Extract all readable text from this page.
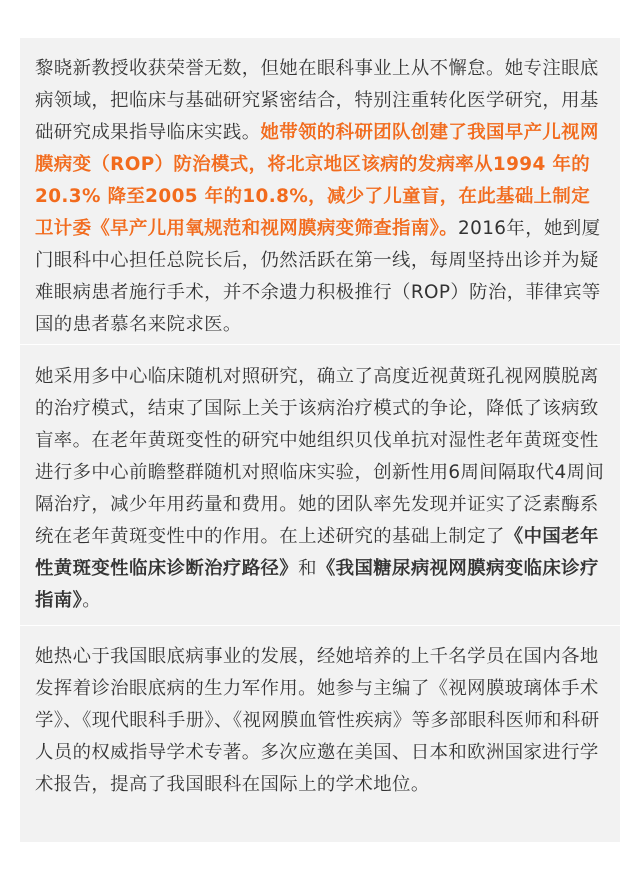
黎晓新教授收获荣誉无数，但她在眼科事业上从不懈怠。她专注眼底病领域，把临床与基础研究紧密结合，特别注重转化医学研究，用基础研究成果指导临床实践。她带领的科研团队创建了我国早产儿视网膜病变（ROP）防治模式，将北京地区该病的发病率从1994 年的20.3% 降至2005 年的10.8%，减少了儿童盲，在此基础上制定卫计委《早产儿用氧规范和视网膜病变筛查指南》。2016年，她到厦门眼科中心担任总院长后，仍然活跃在第一线，每周坚持出诊并为疑难眼病患者施行手术，并不余遗力积极推行（ROP）防治，菲律宾等国的患者慕名来院求医。

她采用多中心临床随机对照研究，确立了高度近视黄斑孔视网膜脱离的治疗模式，结束了国际上关于该病治疗模式的争论，降低了该病致盲率。在老年黄斑变性的研究中她组织贝伐单抗对湿性老年黄斑变性进行多中心前瞻整群随机对照临床实验，创新性用6周间隔取代4周间隔治疗，减少年用药量和费用。她的团队率先发现并证实了泛素酶系统在老年黄斑变性中的作用。在上述研究的基础上制定了《中国老年性黄斑变性临床诊断治疗路径》和《我国糖尿病视网膜病变临床诊疗指南》。

她热心于我国眼底病事业的发展，经她培养的上千名学员在国内各地发挥着诊治眼底病的生力军作用。她参与主编了《视网膜玻璃体手术学》、《现代眼科手册》、《视网膜血管性疾病》等多部眼科医师和科研人员的权威指导学术专著。多次应邀在美国、日本和欧洲国家进行学术报告，提高了我国眼科在国际上的学术地位。
